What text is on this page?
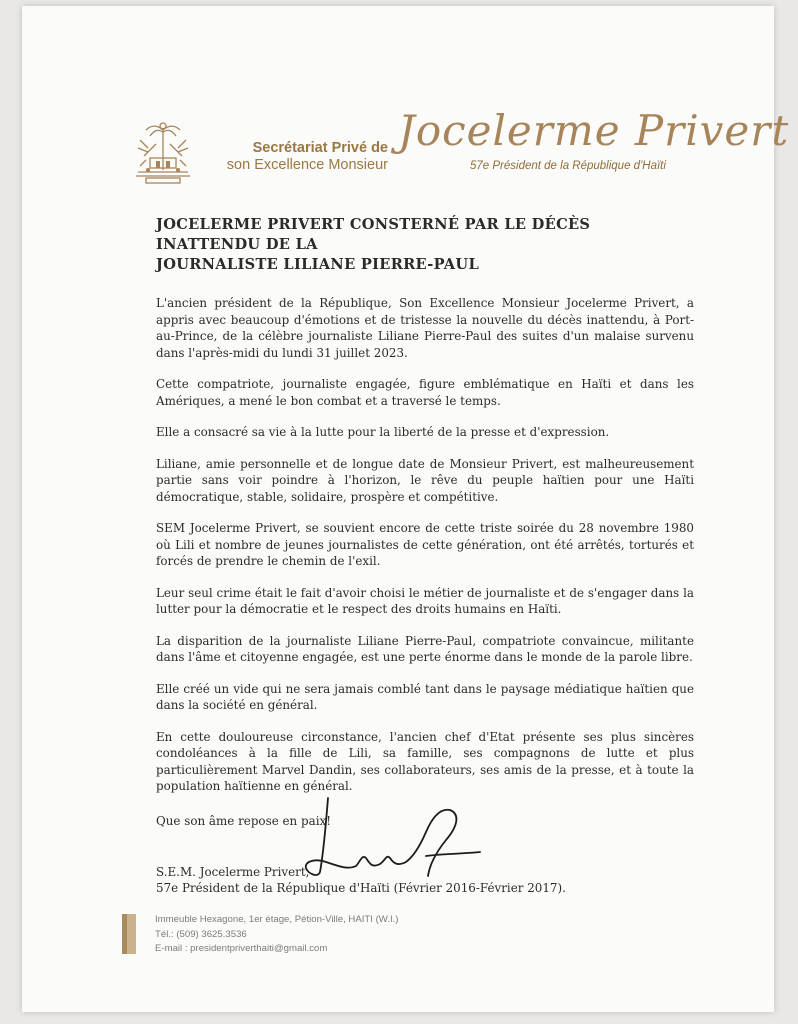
Secrétariat Privé de
son Excellence Monsieur
Jocelerme Privert
57e Président de la République d'Haïti
JOCELERME PRIVERT CONSTERNÉ PAR LE DÉCÈS INATTENDU DE LA
JOURNALISTE LILIANE PIERRE-PAUL

L'ancien président de la République, Son Excellence Monsieur Jocelerme Privert, a appris avec beaucoup d'émotions et de tristesse la nouvelle du décès inattendu, à Port-au-Prince, de la célèbre journaliste Liliane Pierre-Paul des suites d'un malaise survenu dans l'après-midi du lundi 31 juillet 2023.

Cette compatriote, journaliste engagée, figure emblématique en Haïti et dans les Amériques, a mené le bon combat et a traversé le temps.

Elle a consacré sa vie à la lutte pour la liberté de la presse et d'expression.

Liliane, amie personnelle et de longue date de Monsieur Privert, est malheureusement partie sans voir poindre à l'horizon, le rêve du peuple haïtien pour une Haïti démocratique, stable, solidaire, prospère et compétitive.

SEM Jocelerme Privert, se souvient encore de cette triste soirée du 28 novembre 1980 où Lili et nombre de jeunes journalistes de cette génération, ont été arrêtés, torturés et forcés de prendre le chemin de l'exil.

Leur seul crime était le fait d'avoir choisi le métier de journaliste et de s'engager dans la lutter pour la démocratie et le respect des droits humains en Haïti.

La disparition de la journaliste Liliane Pierre-Paul, compatriote convaincue, militante dans l'âme et citoyenne engagée, est une perte énorme dans le monde de la parole libre.

Elle créé un vide qui ne sera jamais comblé tant dans le paysage médiatique haïtien que dans la société en général.

En cette douloureuse circonstance, l'ancien chef d'Etat présente ses plus sincères condoléances à la fille de Lili, sa famille, ses compagnons de lutte et plus particulièrement Marvel Dandin, ses collaborateurs, ses amis de la presse, et à toute la population haïtienne en général.

Que son âme repose en paix!
S.E.M. Jocelerme Privert,
57e Président de la République d'Haïti (Février 2016-Février 2017).
Immeuble Hexagone, 1er étage, Pétion-Ville, HAITI (W.I.)
Tél.: (509) 3625.3536
E-mail : presidentpriverthaiti@gmail.com
